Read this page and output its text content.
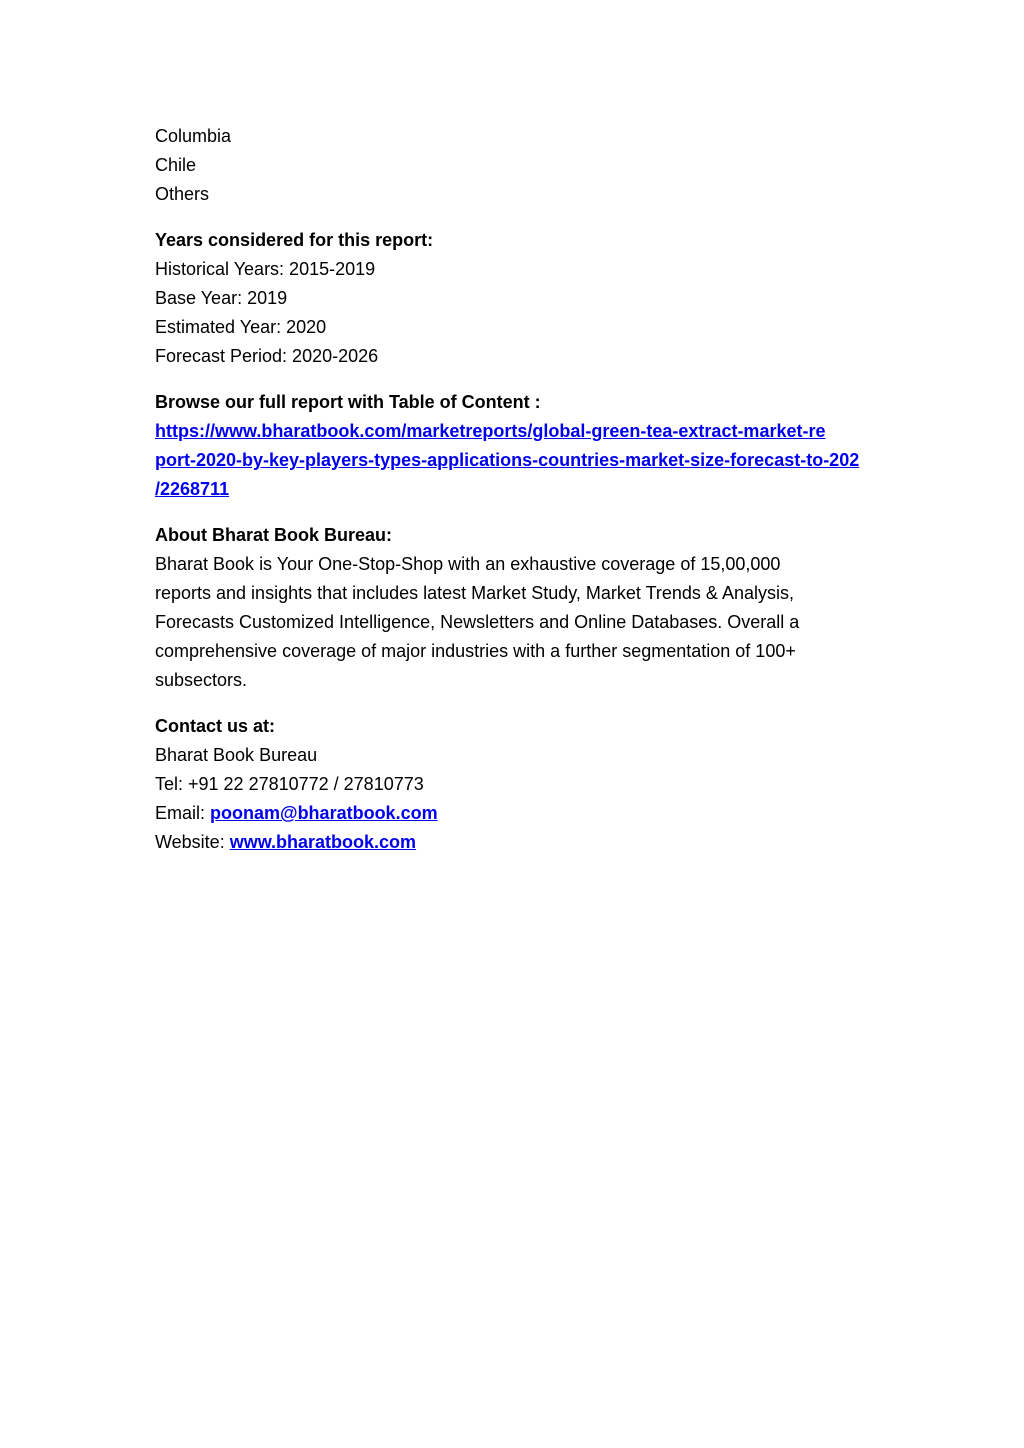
Columbia
Chile
Others
Years considered for this report:
Historical Years: 2015-2019
Base Year: 2019
Estimated Year: 2020
Forecast Period: 2020-2026
Browse our full report with Table of Content :
https://www.bharatbook.com/marketreports/global-green-tea-extract-market-re
port-2020-by-key-players-types-applications-countries-market-size-forecast-to-202
/2268711
About Bharat Book Bureau:
Bharat Book is Your One-Stop-Shop with an exhaustive coverage of 15,00,000
reports and insights that includes latest Market Study, Market Trends & Analysis,
Forecasts Customized Intelligence, Newsletters and Online Databases. Overall a
comprehensive coverage of major industries with a further segmentation of 100+
subsectors.
Contact us at:
Bharat Book Bureau
Tel: +91 22 27810772 / 27810773
Email: poonam@bharatbook.com
Website: www.bharatbook.com
